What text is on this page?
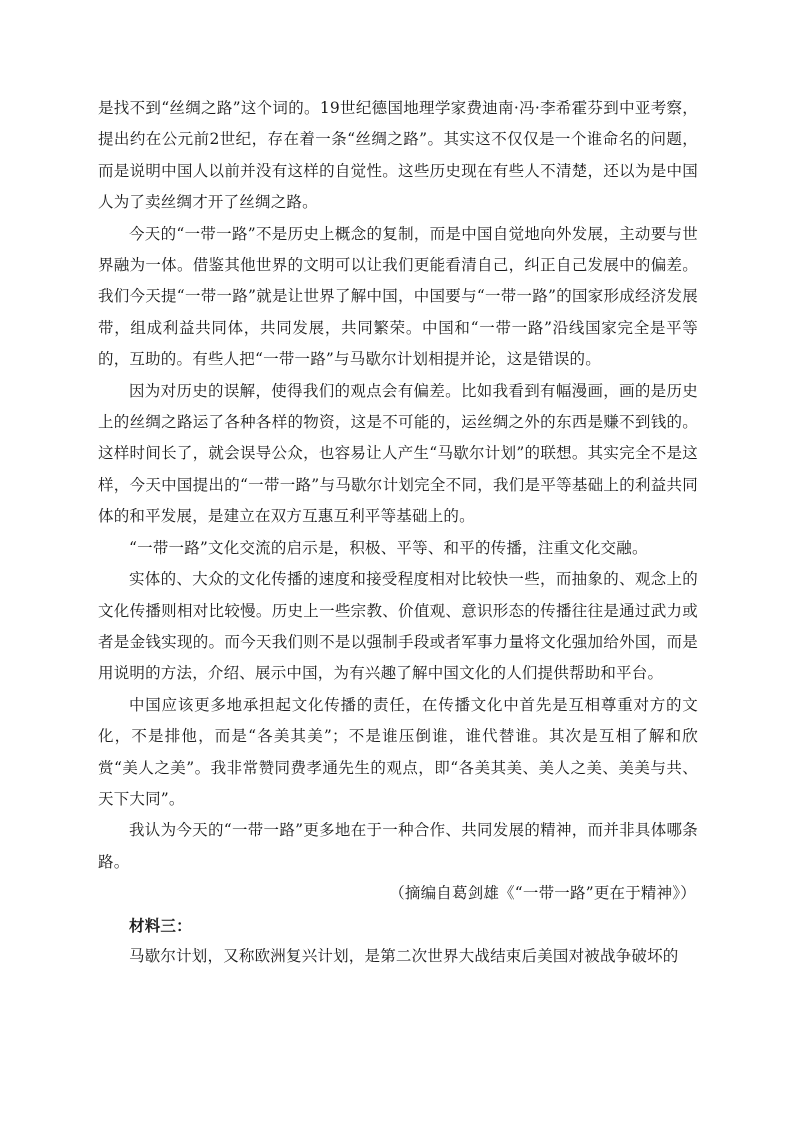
是找不到“丝绸之路”这个词的。19世纪德国地理学家费迪南·冯·李希霍芬到中亚考察，提出约在公元前2世纪，存在着一条“丝绸之路”。其实这不仅仅是一个谁命名的问题，而是说明中国人以前并没有这样的自觉性。这些历史现在有些人不清楚，还以为是中国人为了卖丝绸才开了丝绸之路。

今天的“一带一路”不是历史上概念的复制，而是中国自觉地向外发展，主动要与世界融为一体。借鉴其他世界的文明可以让我们更能看清自己，纠正自己发展中的偏差。我们今天提“一带一路”就是让世界了解中国，中国要与“一带一路”的国家形成经济发展带，组成利益共同体，共同发展，共同繁荣。中国和“一带一路”沿线国家完全是平等的，互助的。有些人把“一带一路”与马歇尔计划相提并论，这是错误的。

因为对历史的误解，使得我们的观点会有偏差。比如我看到有幅漫画，画的是历史上的丝绸之路运了各种各样的物资，这是不可能的，运丝绸之外的东西是赚不到钱的。这样时间长了，就会误导公众，也容易让人产生“马歇尔计划”的联想。其实完全不是这样，今天中国提出的“一带一路”与马歇尔计划完全不同，我们是平等基础上的利益共同体的和平发展，是建立在双方互惠互利平等基础上的。

“一带一路”文化交流的启示是，积极、平等、和平的传播，注重文化交融。

实体的、大众的文化传播的速度和接受程度相对比较快一些，而抽象的、观念上的文化传播则相对比较慢。历史上一些宗教、价值观、意识形态的传播往往是通过武力或者是金钱实现的。而今天我们则不是以强制手段或者军事力量将文化强加给外国，而是用说明的方法，介绍、展示中国，为有兴趣了解中国文化的人们提供帮助和平台。

中国应该更多地承担起文化传播的责任，在传播文化中首先是互相尊重对方的文化，不是排他，而是“各美其美”；不是谁压倒谁，谁代替谁。其次是互相了解和欣赏“美人之美”。我非常赞同费孝通先生的观点，即“各美其美、美人之美、美美与共、天下大同”。

我认为今天的“一带一路”更多地在于一种合作、共同发展的精神，而并非具体哪条路。

（摘编自葛剑雄《“一带一路”更在于精神》）

材料三：

马歇尔计划，又称欧洲复兴计划，是第二次世界大战结束后美国对被战争破坏的
